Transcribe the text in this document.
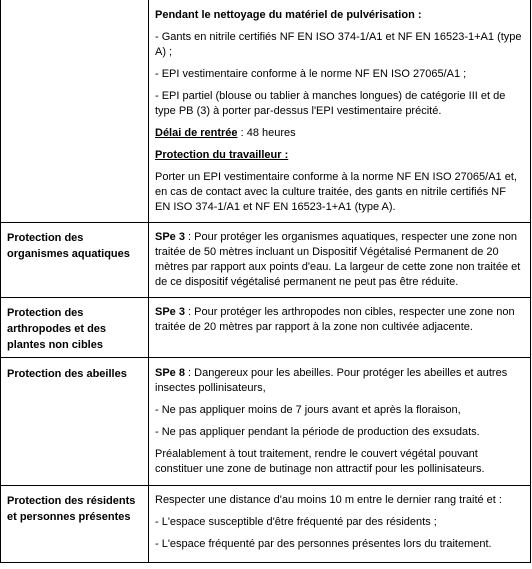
Pendant le nettoyage du matériel de pulvérisation :

- Gants en nitrile certifiés NF EN ISO 374-1/A1 et NF EN 16523-1+A1 (type A) ;

- EPI vestimentaire conforme à le norme NF EN ISO 27065/A1 ;

- EPI partiel (blouse ou tablier à manches longues) de catégorie III et de type PB (3) à porter par-dessus l'EPI vestimentaire précité.

Délai de rentrée : 48 heures

Protection du travailleur :

Porter un EPI vestimentaire conforme à la norme NF EN ISO 27065/A1 et, en cas de contact avec la culture traitée, des gants en nitrile certifiés NF EN ISO 374-1/A1 et NF EN 16523-1+A1 (type A).

Protection des organismes aquatiques

SPe 3 : Pour protéger les organismes aquatiques, respecter une zone non traitée de 50 mètres incluant un Dispositif Végétalisé Permanent de 20 mètres par rapport aux points d'eau. La largeur de cette zone non traitée et de ce dispositif végétalisé permanent ne peut pas être réduite.

Protection des arthropodes et des plantes non cibles

SPe 3 : Pour protéger les arthropodes non cibles, respecter une zone non traitée de 20 mètres par rapport à la zone non cultivée adjacente.

Protection des abeilles	SPe 8 : Dangereux pour les abeilles. Pour protéger les abeilles et autres insectes pollinisateurs,

- Ne pas appliquer moins de 7 jours avant et après la floraison,

- Ne pas appliquer pendant la période de production des exsudats.

Préalablement à tout traitement, rendre le couvert végétal pouvant constituer une zone de butinage non attractif pour les pollinisateurs.

Protection des résidents et personnes présentes

Respecter une distance d'au moins 10 m entre le dernier rang traité et :

- L'espace susceptible d'être fréquenté par des résidents ;

- L'espace fréquenté par des personnes présentes lors du traitement.
